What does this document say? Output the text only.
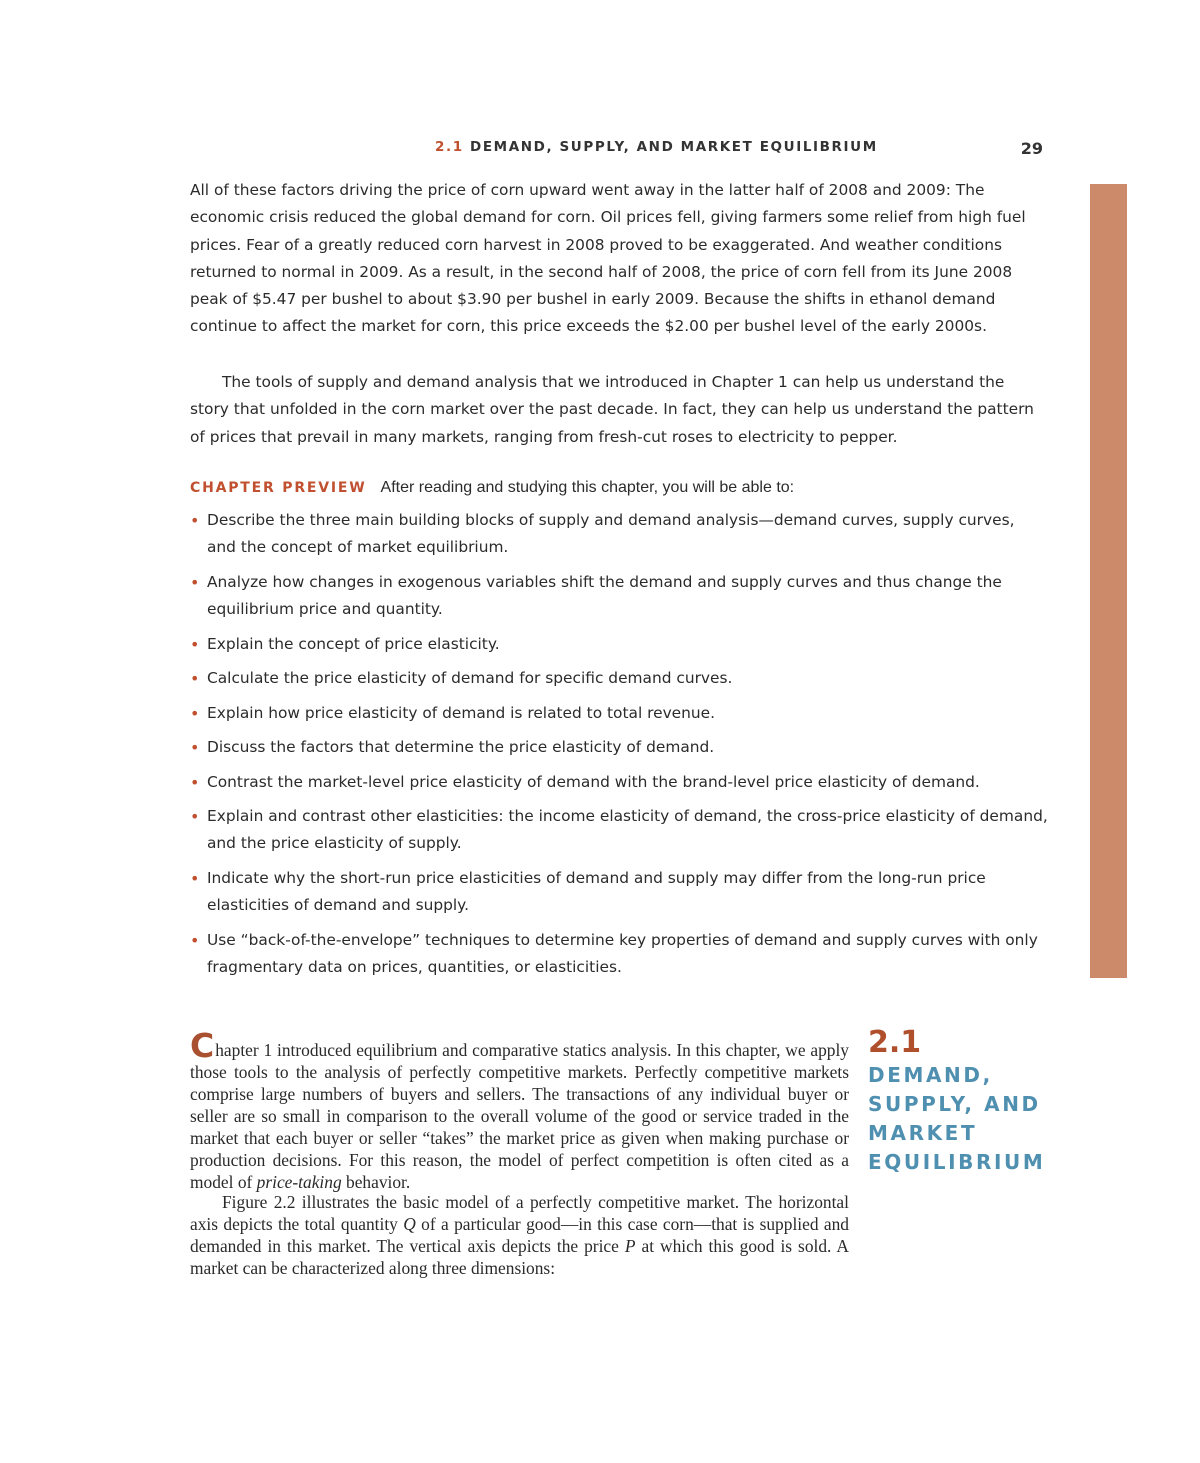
2.1 DEMAND, SUPPLY, AND MARKET EQUILIBRIUM	29

All of these factors driving the price of corn upward went away in the latter half of 2008 and 2009: The economic crisis reduced the global demand for corn. Oil prices fell, giving farmers some relief from high fuel prices. Fear of a greatly reduced corn harvest in 2008 proved to be exaggerated. And weather conditions returned to normal in 2009. As a result, in the second half of 2008, the price of corn fell from its June 2008 peak of $5.47 per bushel to about $3.90 per bushel in early 2009. Because the shifts in ethanol demand continue to affect the market for corn, this price exceeds the $2.00 per bushel level of the early 2000s.

The tools of supply and demand analysis that we introduced in Chapter 1 can help us understand the story that unfolded in the corn market over the past decade. In fact, they can help us understand the pattern of prices that prevail in many markets, ranging from fresh-cut roses to electricity to pepper.

CHAPTER PREVIEW After reading and studying this chapter, you will be able to:
• Describe the three main building blocks of supply and demand analysis—demand curves, supply curves, and the concept of market equilibrium.
• Analyze how changes in exogenous variables shift the demand and supply curves and thus change the equilibrium price and quantity.
• Explain the concept of price elasticity.
• Calculate the price elasticity of demand for specific demand curves.
• Explain how price elasticity of demand is related to total revenue.
• Discuss the factors that determine the price elasticity of demand.
• Contrast the market-level price elasticity of demand with the brand-level price elasticity of demand.
• Explain and contrast other elasticities: the income elasticity of demand, the cross-price elasticity of demand, and the price elasticity of supply.
• Indicate why the short-run price elasticities of demand and supply may differ from the long-run price elasticities of demand and supply.
• Use “back-of-the-envelope” techniques to determine key properties of demand and supply curves with only fragmentary data on prices, quantities, or elasticities.

Chapter 1 introduced equilibrium and comparative statics analysis. In this chapter, we apply those tools to the analysis of perfectly competitive markets. Perfectly competitive markets comprise large numbers of buyers and sellers. The transactions of any individual buyer or seller are so small in comparison to the overall volume of the good or service traded in the market that each buyer or seller “takes” the market price as given when making purchase or production decisions. For this reason, the model of perfect competition is often cited as a model of price-taking behavior.

Figure 2.2 illustrates the basic model of a perfectly competitive market. The horizontal axis depicts the total quantity Q of a particular good—in this case corn—that is supplied and demanded in this market. The vertical axis depicts the price P at which this good is sold. A market can be characterized along three dimensions:

2.1
DEMAND,
SUPPLY, AND
MARKET
EQUILIBRIUM
